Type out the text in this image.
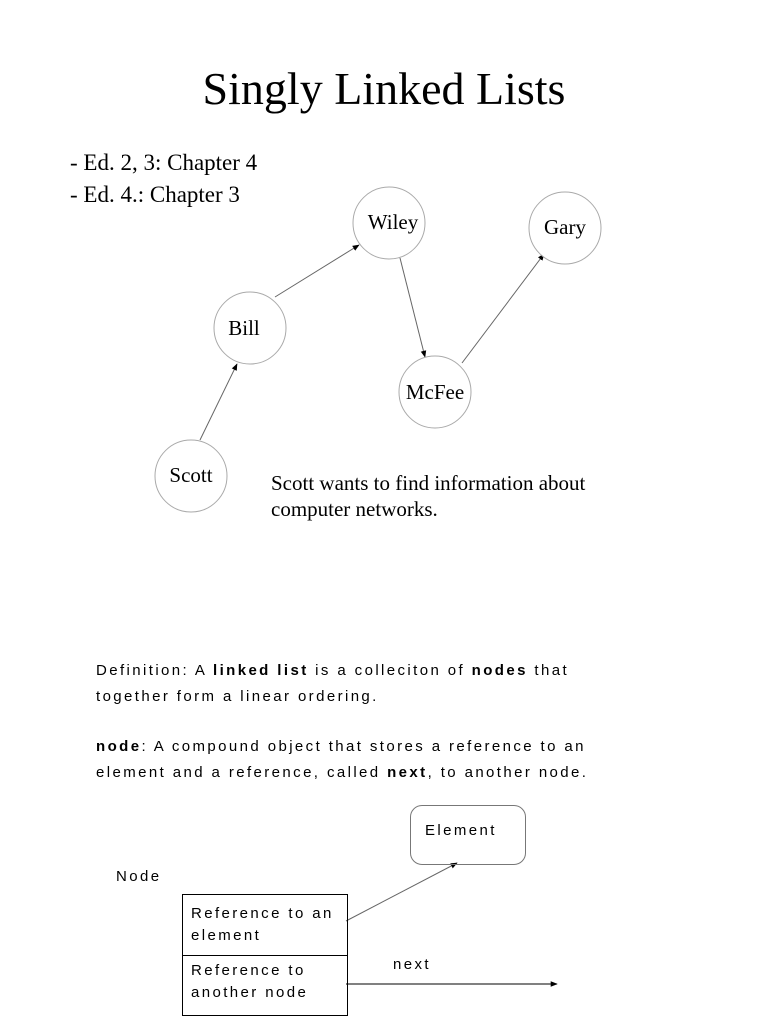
Singly Linked Lists
- Ed. 2, 3: Chapter 4
- Ed. 4.: Chapter 3
Wiley	Gary
Bill
McFee
Scott	Scott wants to find information about
computer networks.
Definition: A linked list is a colleciton of nodes that
together form a linear ordering.
node: A compound object that stores a reference to an
element and a reference, called next, to another node.
Element
Node
Reference to an
element
Reference to
another node
next
